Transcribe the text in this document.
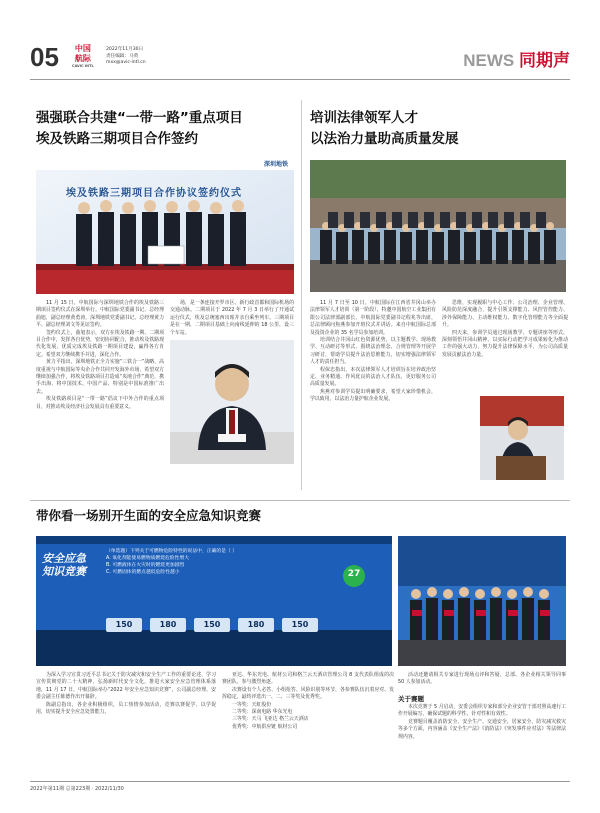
05	中国
航际
CAVIC INTL
2022年11月30日
责任编辑：马黄
mxx@avic-intl.cn	NEWS 同期声
强强联合共建“一带一路”重点项目
埃及铁路三期项目合作签约
埃及铁路三期项目合作协议签约仪式
深圳地铁

11 月 15 日，中航国际与深圳地铁合作的埃及铁路三期项目签约仪式在深圳举行。中航国际党委副书记、总经理曲旭，副总经理黄勇涛，深圳地铁党委副书记、总经理黄力平、副总经理刘文等见证签约。

签约仪式上，曲旭表示，双方在埃及铁路一期、二期项目合作中，发挥各自优势，密切协同配合，推动埃及铁路现代化发展，优质完成埃及铁路一期项目建设，赢得各方肯定。希望双方继续携手并进，深化合作。

黄力平指出，深圳地铁正全力实施“三铁合一”战略，高度重视与中航国际等央企合作共同开发海外市场，希望双方继续加强合作，将埃及铁路项目打造成“央地合作”典范，携手出海，将中国技术、中国产品、特别是中国标准推广出去。

埃及铁路项目是“一带一路”倡议下中外合作的重点项目，对推动埃及经济社会发展具有重要意义。

场，是一条连接开罗市区、新行政首都和国际机场的交通动脉。二期项目于 2022 年 7 月 3 日举行了开通试运行仪式，埃及总统塞西出席并亲自乘坐列车。三期项目是在一期、二期项目基础上向南线延伸的 18 公里，设三个车站。

培训法律领军人才
以法治力量助高质量发展

11 月 7 日至 10 日，中航国际在江西省井冈山举办法律领军人才培训（第一阶段），特邀中国航空工业集团有限公司法律部副部长，中航国际党委副书记程兆等出席，总法律顾问焦燕参加开班仪式并讲话。来自中航国际总部及投资企业的 35 名学员参加培训。

培训结合井冈山红色资源优势，以主题教学、现场教学、互动研讨等形式，围绕法治理念、合规管理等开展学习研讨，帮助学员提升法治思维能力，切实增强法律领军人才的责任担当。

程保忠指出，本次法律领军人才培训旨在培养政治坚定、业务精通、作风优良的法治人才队伍，更好服务公司高质量发展。

焦燕对参训学员提出明确要求，希望大家珍惜机会，学以致用，以法治力量护航企业发展。

思维，实现履职与中心工作、公司治理、企业管理、风险防范深度融合，提升引领支撑能力、风控管控能力、涉外保障能力、主动维权能力、数字化管理能力等全面提升。

四天来，参训学员通过现场教学、专题讲座等形式，深刻领悟井冈山精神，以实际行动把学习成果转化为推动工作的强大动力，努力提升法律保障水平，为公司高质量发展贡献法治力量。

带你看一场别开生面的安全应急知识竞赛
安全应急
知识竞赛
（单选题）下列关于可燃物危险特性的说法中，正确的是（ ）
A. 氧化剂能使易燃物质燃烧危险性增大
B. 可燃液体在火灾时的燃烧更加剧烈
C. 可燃固体的燃点越低危险性越小	27
150	180	150	180	150

为深入学习宣贯习近平总书记关于防灾减灾和安全生产工作的重要论述，学习宣传贯彻党的二十大精神，弘扬新时代安全文化，推进大家安全应急管理体系落地，11 月 17 日，中航国际举办“2022 年安全应急知识竞赛”，公司副总经理、安委会副主任陈德作出开幕辞。

陈副总指出，各企业积极组织，员工热情参加活动，竞赛以赛促学、以学促用，切实提升安全应急处置能力。

亚达、华东光电、航材公司和格兰云天酒店管理公司 8 支代表队组成的决赛团队，参与激烈角逐。

决赛设有个人必答、小组抢答、风险识别等环节，各参赛队伍沉着应对、发挥稳定，最终评选出一、二、三等奖及优秀奖。

一等奖：天虹股份

二等奖：深南电路 华东光电

三等奖：天马 飞亚达 格兰云天酒店

优秀奖：中航供应链 航材公司

活动还邀请相关专家进行现场点评和答疑，总部、各企业相关领导同事 50 人参加活动。

关于赛题

本次竞赛于 5 月启动，安委会组织专家和部分企业安管干部对照高速行工作开展编写，确保试题的科学性、针对性和有效性。

竞赛题目覆盖消防安全、安全生产、交通安全、居家安全、防灾减灾救灾等多个方面，内容涵盖《安全生产法》《消防法》《突发事件应对法》等法律法规内容。

2022年第11期 总第223期 · 2022/11/30
